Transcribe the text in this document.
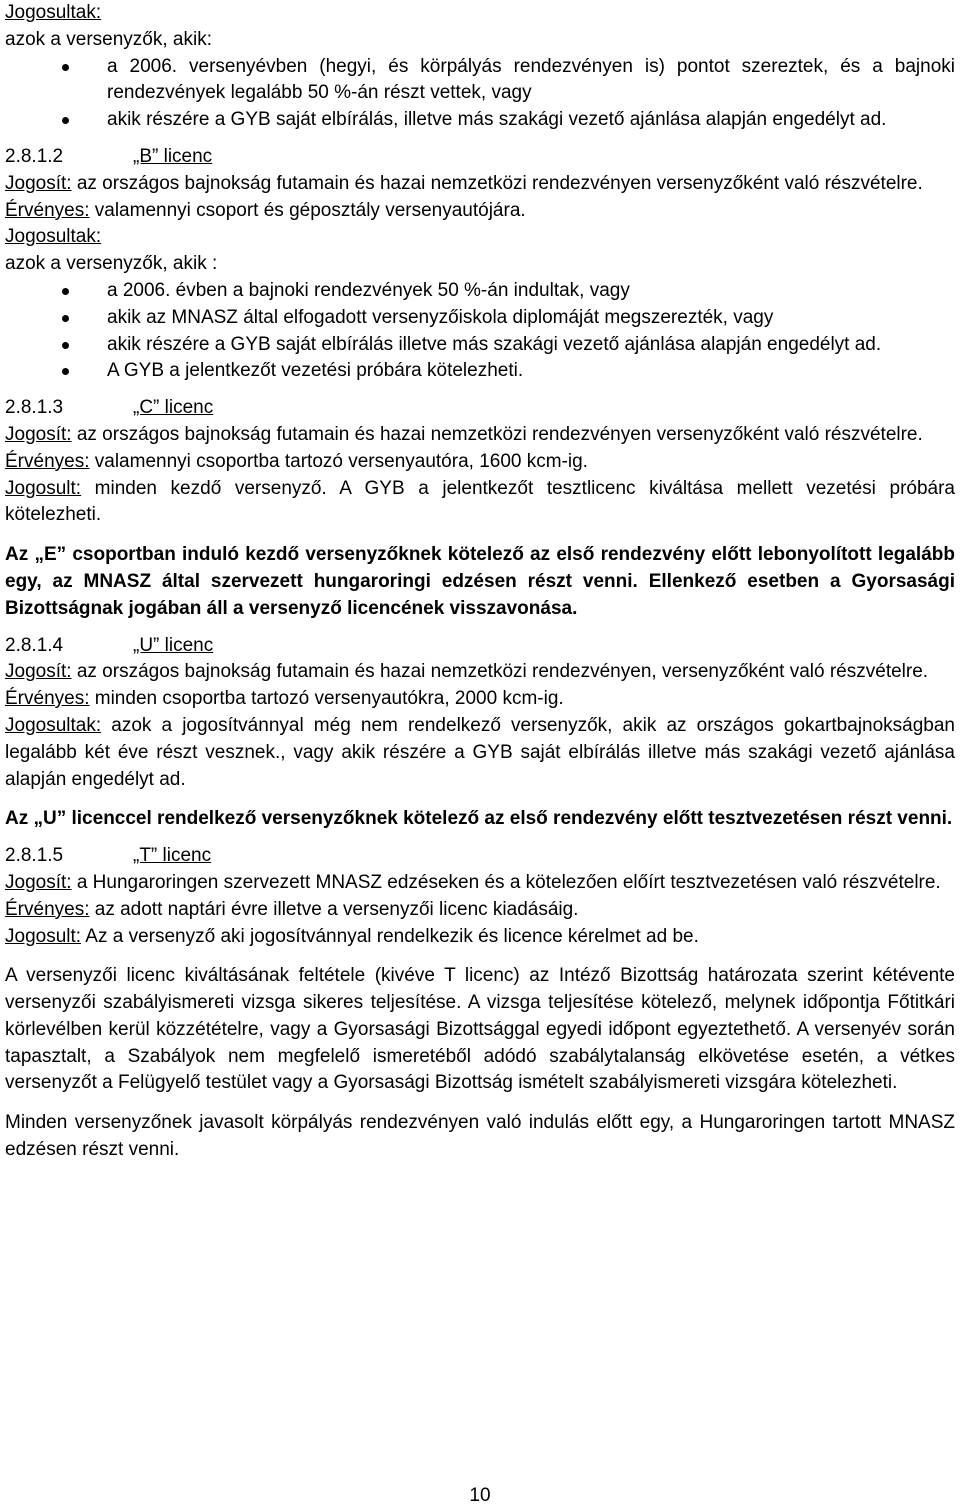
Jogosultak:

azok a versenyzők, akik:

a 2006. versenyévben (hegyi, és körpályás rendezvényen is) pontot szereztek, és a bajnoki rendezvények legalább 50 %-án részt vettek, vagy
akik részére a GYB saját elbírálás, illetve más szakági vezető ajánlása alapján engedélyt ad.

2.8.1.2	„B” licenc

Jogosít: az országos bajnokság futamain és hazai nemzetközi rendezvényen versenyzőként való részvételre.

Érvényes: valamennyi csoport és géposztály versenyautójára.

Jogosultak:

azok a versenyzők, akik :

a 2006. évben a bajnoki rendezvények 50 %-án indultak, vagy
akik az MNASZ által elfogadott versenyzőiskola diplomáját megszerezték, vagy
akik részére a GYB saját elbírálás illetve más szakági vezető ajánlása alapján engedélyt ad.
A GYB a jelentkezőt vezetési próbára kötelezheti.

2.8.1.3	„C” licenc

Jogosít: az országos bajnokság futamain és hazai nemzetközi rendezvényen versenyzőként való részvételre.

Érvényes: valamennyi csoportba tartozó versenyautóra, 1600 kcm-ig.

Jogosult: minden kezdő versenyző. A GYB a jelentkezőt tesztlicenc kiváltása mellett vezetési próbára kötelezheti.

Az „E” csoportban induló kezdő versenyzőknek kötelező az első rendezvény előtt lebonyolított legalább egy, az MNASZ által szervezett hungaroringi edzésen részt venni. Ellenkező esetben a Gyorsasági Bizottságnak jogában áll a versenyző licencének visszavonása.

2.8.1.4	„U” licenc

Jogosít: az országos bajnokság futamain és hazai nemzetközi rendezvényen, versenyzőként való részvételre.

Érvényes: minden csoportba tartozó versenyautókra, 2000 kcm-ig.

Jogosultak: azok a jogosítvánnyal még nem rendelkező versenyzők, akik az országos gokartbajnokságban legalább két éve részt vesznek., vagy akik részére a GYB saját elbírálás illetve más szakági vezető ajánlása alapján engedélyt ad.

Az „U” licenccel rendelkező versenyzőknek kötelező az első rendezvény előtt tesztvezetésen részt venni.

2.8.1.5	„T” licenc

Jogosít: a Hungaroringen szervezett MNASZ edzéseken és a kötelezően előírt tesztvezetésen való részvételre.

Érvényes: az adott naptári évre illetve a versenyzői licenc kiadásáig.

Jogosult: Az a versenyző aki jogosítvánnyal rendelkezik és licence kérelmet ad be.

A versenyzői licenc kiváltásának feltétele (kivéve T licenc) az Intéző Bizottság határozata szerint kétévente versenyzői szabályismereti vizsga sikeres teljesítése. A vizsga teljesítése kötelező, melynek időpontja Főtitkári körlevélben kerül közzétételre, vagy a Gyorsasági Bizottsággal egyedi időpont egyeztethető. A versenyév során tapasztalt, a Szabályok nem megfelelő ismeretéből adódó szabálytalanság elkövetése esetén, a vétkes versenyzőt a Felügyelő testület vagy a Gyorsasági Bizottság ismételt szabályismereti vizsgára kötelezheti.

Minden versenyzőnek javasolt körpályás rendezvényen való indulás előtt egy, a Hungaroringen tartott MNASZ edzésen részt venni.

10
